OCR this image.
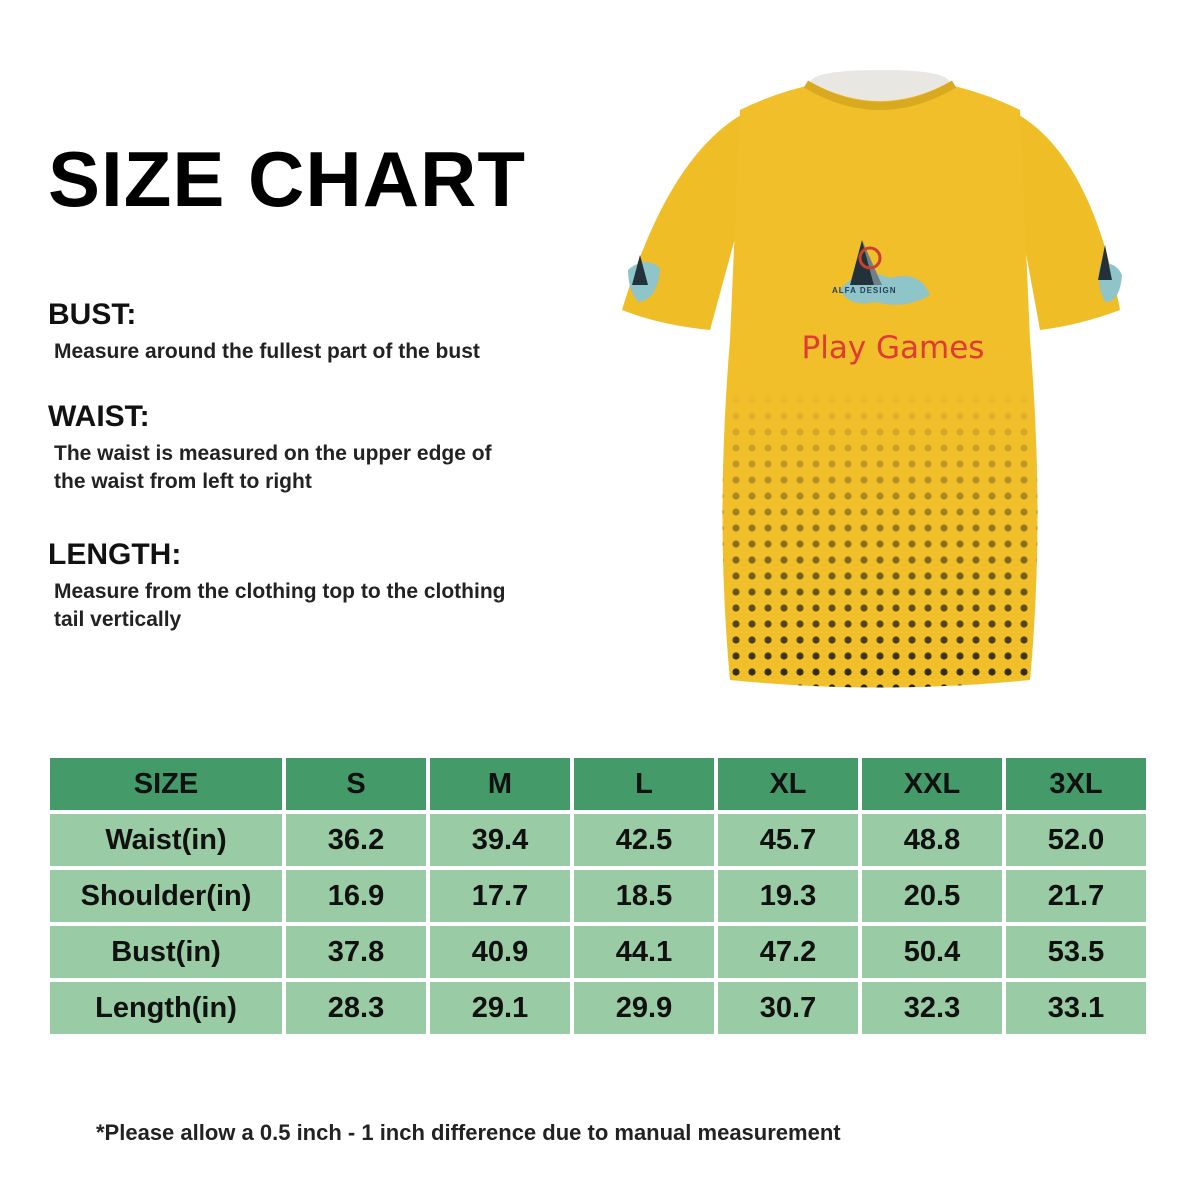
SIZE CHART
BUST:

Measure around the fullest part of the bust

WAIST:

The waist is measured on the upper edge of
the waist from left to right

LENGTH:

Measure from the clothing top to the clothing
tail vertically

ALFA DESIGN
Play Games
SIZE	S	M	L	XL	XXL	3XL
Waist(in)	36.2	39.4	42.5	45.7	48.8	52.0
Shoulder(in)	16.9	17.7	18.5	19.3	20.5	21.7
Bust(in)	37.8	40.9	44.1	47.2	50.4	53.5
Length(in)	28.3	29.1	29.9	30.7	32.3	33.1
*Please allow a 0.5 inch - 1 inch difference due to manual measurement
